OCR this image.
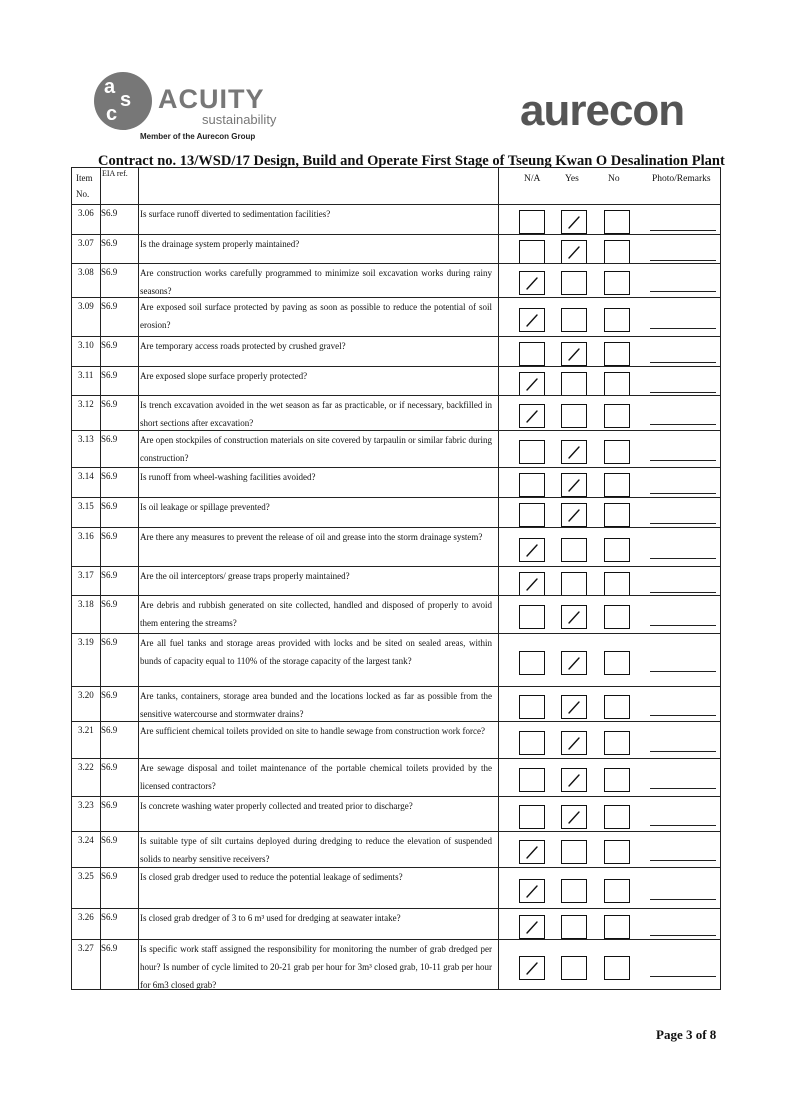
a
s
c ACUITY
sustainability
Member of the Aurecon Group
aurecon
Contract no. 13/WSD/17 Design, Build and Operate First Stage of Tseung Kwan O Desalination Plant
Item No.
EIA ref.
N/A	Yes	No	Photo/Remarks
3.06 S6.9	Is surface runoff diverted to sedimentation facilities?
3.07 S6.9	Is the drainage system properly maintained?
3.08 S6.9	Are construction works carefully programmed to minimize soil excavation works during rainy seasons?
3.09 S6.9	Are exposed soil surface protected by paving as soon as possible to reduce the potential of soil erosion?
3.10 S6.9	Are temporary access roads protected by crushed gravel?
3.11 S6.9	Are exposed slope surface properly protected?
3.12 S6.9	Is trench excavation avoided in the wet season as far as practicable, or if necessary, backfilled in short sections after excavation?
3.13 S6.9	Are open stockpiles of construction materials on site covered by tarpaulin or similar fabric during construction?
3.14 S6.9	Is runoff from wheel-washing facilities avoided?
3.15 S6.9	Is oil leakage or spillage prevented?
3.16 S6.9	Are there any measures to prevent the release of oil and grease into the storm drainage system?
3.17 S6.9	Are the oil interceptors/ grease traps properly maintained?
3.18 S6.9	Are debris and rubbish generated on site collected, handled and disposed of properly to avoid them entering the streams?
3.19 S6.9	Are all fuel tanks and storage areas provided with locks and be sited on sealed areas, within bunds of capacity equal to 110% of the storage capacity of the largest tank?
3.20 S6.9	Are tanks, containers, storage area bunded and the locations locked as far as possible from the sensitive watercourse and stormwater drains?
3.21 S6.9	Are sufficient chemical toilets provided on site to handle sewage from construction work force?
3.22 S6.9	Are sewage disposal and toilet maintenance of the portable chemical toilets provided by the licensed contractors?
3.23 S6.9	Is concrete washing water properly collected and treated prior to discharge?
3.24 S6.9	Is suitable type of silt curtains deployed during dredging to reduce the elevation of suspended solids to nearby sensitive receivers?
3.25 S6.9	Is closed grab dredger used to reduce the potential leakage of sediments?
3.26 S6.9	Is closed grab dredger of 3 to 6 m³ used for dredging at seawater intake?
3.27 S6.9	Is specific work staff assigned the responsibility for monitoring the number of grab dredged per hour? Is number of cycle limited to 20-21 grab per hour for 3m³ closed grab, 10-11 grab per hour for 6m3 closed grab?
Page 3 of 8
